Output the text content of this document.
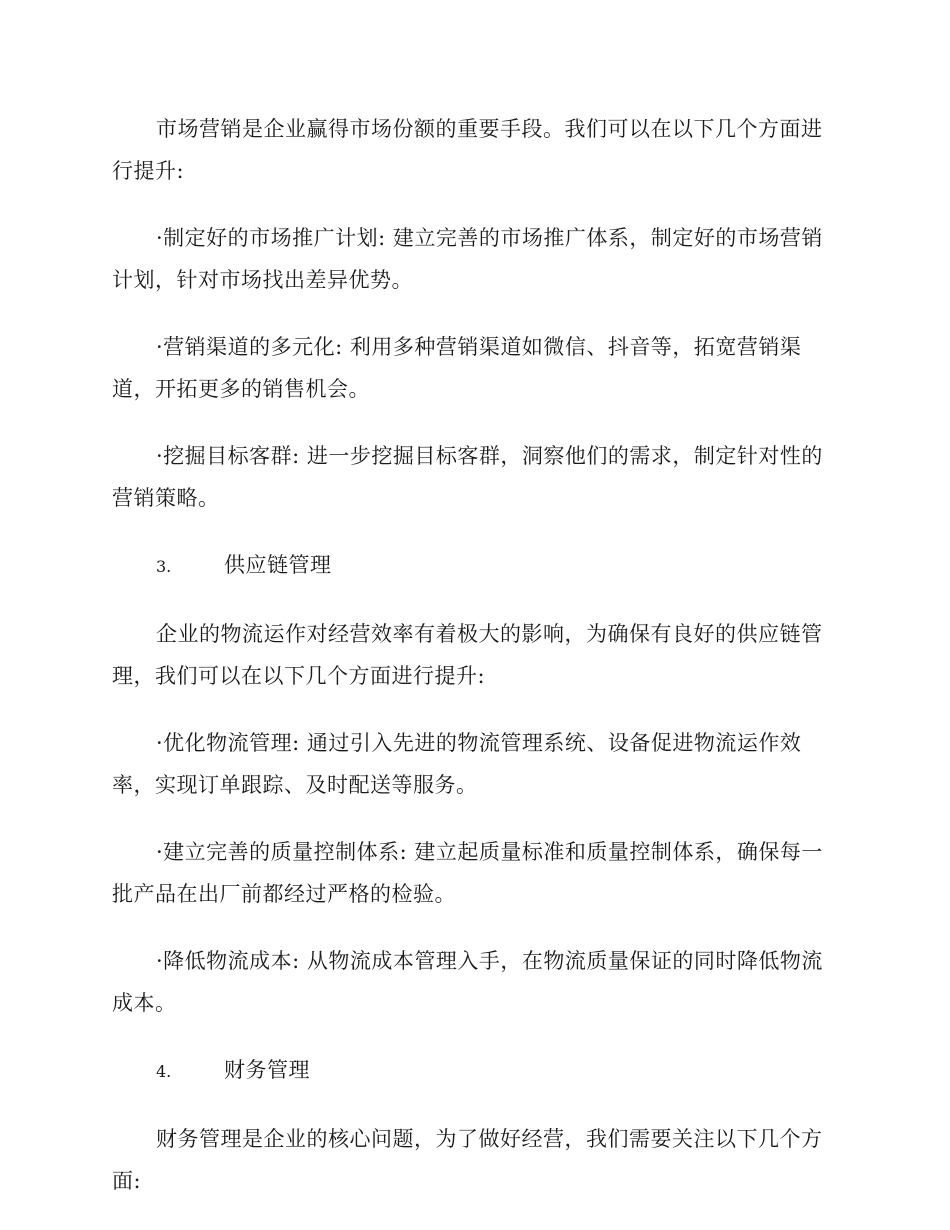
市场营销是企业赢得市场份额的重要手段。我们可以在以下几个方面进行提升:

·制定好的市场推广计划: 建立完善的市场推广体系，制定好的市场营销计划，针对市场找出差异优势。

·营销渠道的多元化: 利用多种营销渠道如微信、抖音等，拓宽营销渠道，开拓更多的销售机会。

·挖掘目标客群: 进一步挖掘目标客群，洞察他们的需求，制定针对性的营销策略。

3.	供应链管理

企业的物流运作对经营效率有着极大的影响，为确保有良好的供应链管理，我们可以在以下几个方面进行提升:

·优化物流管理: 通过引入先进的物流管理系统、设备促进物流运作效率，实现订单跟踪、及时配送等服务。

·建立完善的质量控制体系: 建立起质量标准和质量控制体系，确保每一批产品在出厂前都经过严格的检验。

·降低物流成本: 从物流成本管理入手，在物流质量保证的同时降低物流成本。

4.	财务管理

财务管理是企业的核心问题，为了做好经营，我们需要关注以下几个方面:
